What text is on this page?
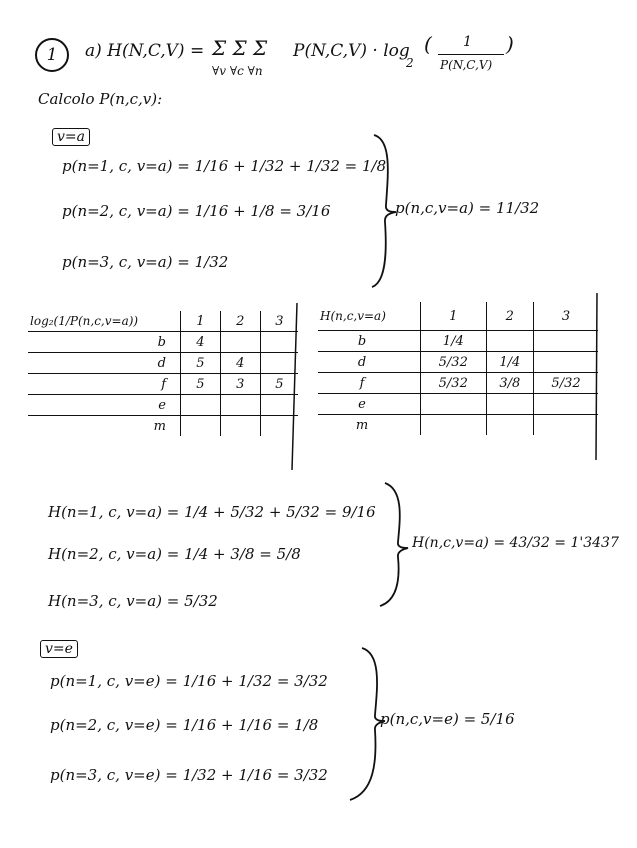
1	a) H(N,C,V) = Σ Σ Σ
∀v ∀c ∀n
P(N,C,V) · log
2
( 1
P(N,C,V)
)
Calcolo P(n,c,v):
v=a
p(n=1, c, v=a) = 1/16 + 1/32 + 1/32 = 1/8
p(n=2, c, v=a) = 1/16 + 1/8 = 3/16
p(n=3, c, v=a) = 1/32
p(n,c,v=a) = 11/32
log₂(1/P(n,c,v=a))	1	2	3
b	4		
d	5	4	
f	5	3	5
e			
m			
H(n,c,v=a)	1	2	3
b	1/4		
d	5/32	1/4	
f	5/32	3/8	5/32
e			
m			
H(n=1, c, v=a) = 1/4 + 5/32 + 5/32 = 9/16
H(n=2, c, v=a) = 1/4 + 3/8 = 5/8
H(n=3, c, v=a) = 5/32
H(n,c,v=a) = 43/32 = 1'3437
v=e
p(n=1, c, v=e) = 1/16 + 1/32 = 3/32
p(n=2, c, v=e) = 1/16 + 1/16 = 1/8
p(n=3, c, v=e) = 1/32 + 1/16 = 3/32
p(n,c,v=e) = 5/16
